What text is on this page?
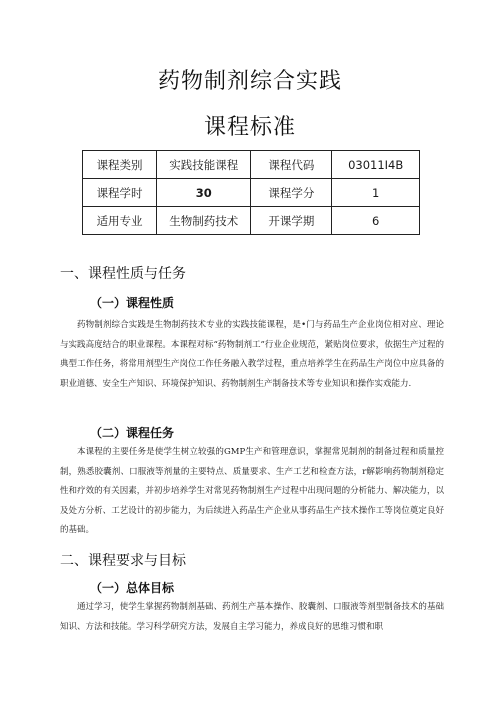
药物制剂综合实践
课程标准
课程类别	实践技能课程	课程代码	03011I4B
课程学时	30	课程学分	1
适用专业	生物制药技术	开课学期	6
一、课程性质与任务
（一）课程性质

药物制剂综合实践是生物制药技术专业的实践技能课程，是•门与药品生产企业岗位相对应、理论与实践高度结合的职业课程。本课程对标“药物制剂工”行业企业规范，紧贴岗位要求，依据生产过程的典型工作任务，将常用剂型生产岗位工作任务融入教学过程，重点培养学生在药品生产岗位中应具备的职业道德、安全生产知识、环境保护知识、药物制剂生产制备技术等专业知识和操作实戏能力.

（二）课程任务

本课程的主要任务是使学生树立较强的GMP生产和管理意识，掌握常见制剂的制备过程和质量控制，熟悉胶囊剂、口服液等剂量的主要特点、质量要求、生产工艺和检查方法，r解影响药物制剂稳定性和疗效的有关因素，并初步培养学生对常见药物制剂生产过程中出现问题的分析能力、解决能力，以及处方分析、工艺设计的初步能力，为后续进入药品生产企业从事药品生产技术操作工等岗位奠定良好的基础。

二、课程要求与目标
（一）总体目标

通过学习，使学生掌握药物制剂基础、药剂生产基本操作、胶囊剂、口服液等剂型制备技术的基础知识、方法和技能。学习科学研究方法，发展自主学习能力，养成良好的思维习惯和职
